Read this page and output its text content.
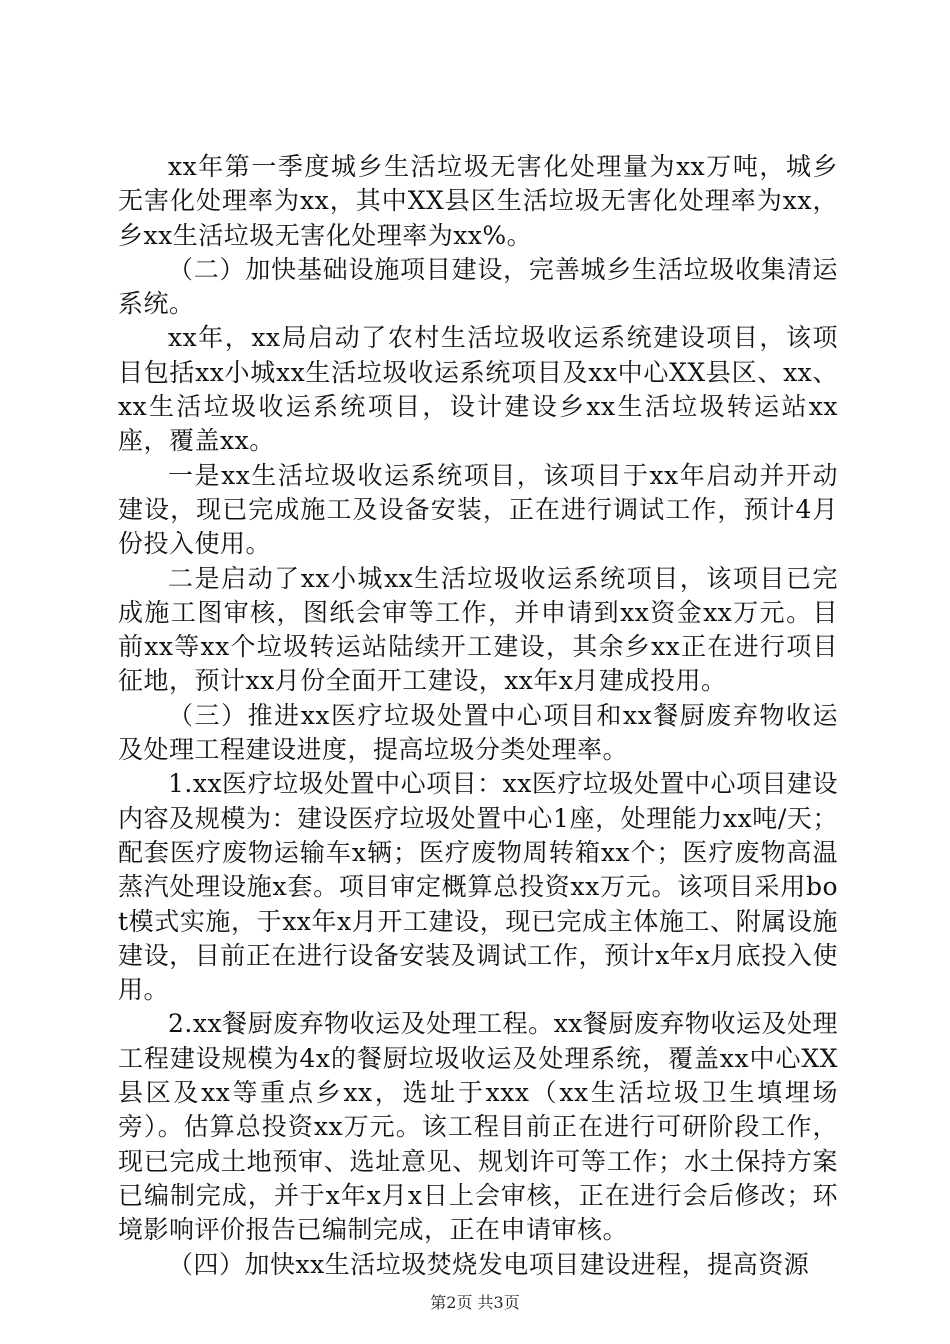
xx年第一季度城乡生活垃圾无害化处理量为xx万吨，城乡无害化处理率为xx，其中XX县区生活垃圾无害化处理率为xx，乡xx生活垃圾无害化处理率为xx%。

（二）加快基础设施项目建设，完善城乡生活垃圾收集清运系统。

xx年，xx局启动了农村生活垃圾收运系统建设项目，该项目包括xx小城xx生活垃圾收运系统项目及xx中心XX县区、xx、xx生活垃圾收运系统项目，设计建设乡xx生活垃圾转运站xx座，覆盖xx。

一是xx生活垃圾收运系统项目，该项目于xx年启动并开动建设，现已完成施工及设备安装，正在进行调试工作，预计4月份投入使用。

二是启动了xx小城xx生活垃圾收运系统项目，该项目已完成施工图审核，图纸会审等工作，并申请到xx资金xx万元。目前xx等xx个垃圾转运站陆续开工建设，其余乡xx正在进行项目征地，预计xx月份全面开工建设，xx年x月建成投用。

（三）推进xx医疗垃圾处置中心项目和xx餐厨废弃物收运及处理工程建设进度，提高垃圾分类处理率。

1.xx医疗垃圾处置中心项目：xx医疗垃圾处置中心项目建设内容及规模为：建设医疗垃圾处置中心1座，处理能力xx吨/天；配套医疗废物运输车x辆；医疗废物周转箱xx个；医疗废物高温蒸汽处理设施x套。项目审定概算总投资xx万元。该项目采用bot模式实施，于xx年x月开工建设，现已完成主体施工、附属设施建设，目前正在进行设备安装及调试工作，预计x年x月底投入使用。

2.xx餐厨废弃物收运及处理工程。xx餐厨废弃物收运及处理工程建设规模为4x的餐厨垃圾收运及处理系统，覆盖xx中心XX县区及xx等重点乡xx，选址于xxx（xx生活垃圾卫生填埋场旁）。估算总投资xx万元。该工程目前正在进行可研阶段工作，现已完成土地预审、选址意见、规划许可等工作；水土保持方案已编制完成，并于x年x月x日上会审核，正在进行会后修改；环境影响评价报告已编制完成，正在申请审核。

（四）加快xx生活垃圾焚烧发电项目建设进程，提高资源

第2页 共3页
